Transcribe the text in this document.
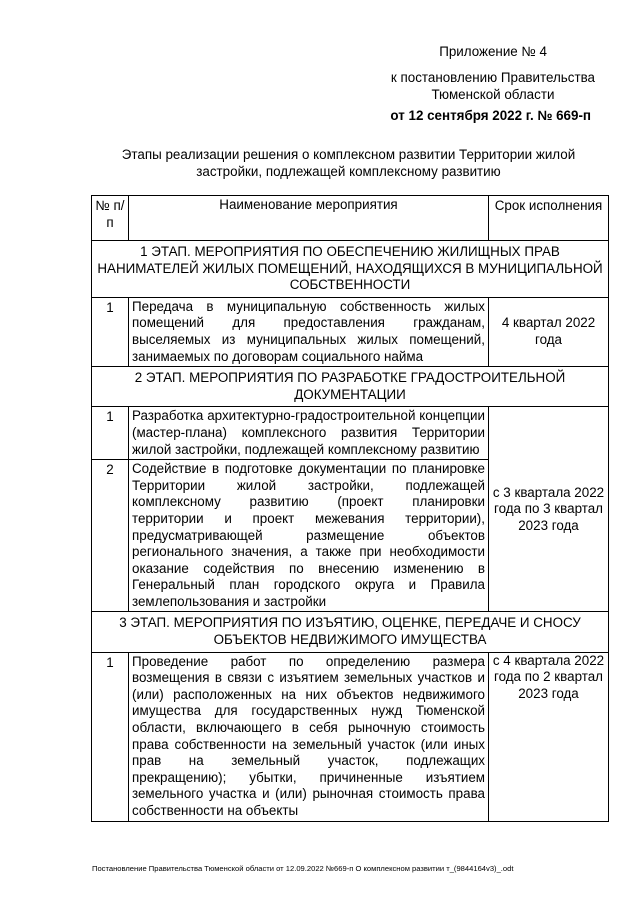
Приложение № 4
к постановлению Правительства
Тюменской области
от 12 сентября 2022 г. № 669-п
Этапы реализации решения о комплексном развитии Территории жилой
застройки, подлежащей комплексному развитию
№ п/п	Наименование мероприятия	Срок исполнения
1 ЭТАП. МЕРОПРИЯТИЯ ПО ОБЕСПЕЧЕНИЮ ЖИЛИЩНЫХ ПРАВ НАНИМАТЕЛЕЙ ЖИЛЫХ ПОМЕЩЕНИЙ, НАХОДЯЩИХСЯ В МУНИЦИПАЛЬНОЙ СОБСТВЕННОСТИ		
1	Передача в муниципальную собственность жилых помещений для предоставления гражданам, выселяемых из муниципальных жилых помещений, занимаемых по договорам социального найма	4 квартал 2022 года
2 ЭТАП. МЕРОПРИЯТИЯ ПО РАЗРАБОТКЕ ГРАДОСТРОИТЕЛЬНОЙ ДОКУМЕНТАЦИИ		
1	Разработка архитектурно-градостроительной концепции (мастер-плана) комплексного развития Территории жилой застройки, подлежащей комплексному развитию	с 3 квартала 2022 года по 3 квартал 2023 года
2	Содействие в подготовке документации по планировке Территории жилой застройки, подлежащей комплексному развитию (проект планировки территории и проект межевания территории), предусматривающей размещение объектов регионального значения, а также при необходимости оказание содействия по внесению изменению в Генеральный план городского округа и Правила землепользования и застройки	
3 ЭТАП. МЕРОПРИЯТИЯ ПО ИЗЪЯТИЮ, ОЦЕНКЕ, ПЕРЕДАЧЕ И СНОСУ ОБЪЕКТОВ НЕДВИЖИМОГО ИМУЩЕСТВА		
1	Проведение работ по определению размера возмещения в связи с изъятием земельных участков и (или) расположенных на них объектов недвижимого имущества для государственных нужд Тюменской области, включающего в себя рыночную стоимость права собственности на земельный участок (или иных прав на земельный участок, подлежащих прекращению); убытки, причиненные изъятием земельного участка и (или) рыночная стоимость права собственности на объекты	с 4 квартала 2022 года по 2 квартал 2023 года
Постановление Правительства Тюменской области от 12.09.2022 №669-п О комплексном развитии т_(9844164v3)_.odt
